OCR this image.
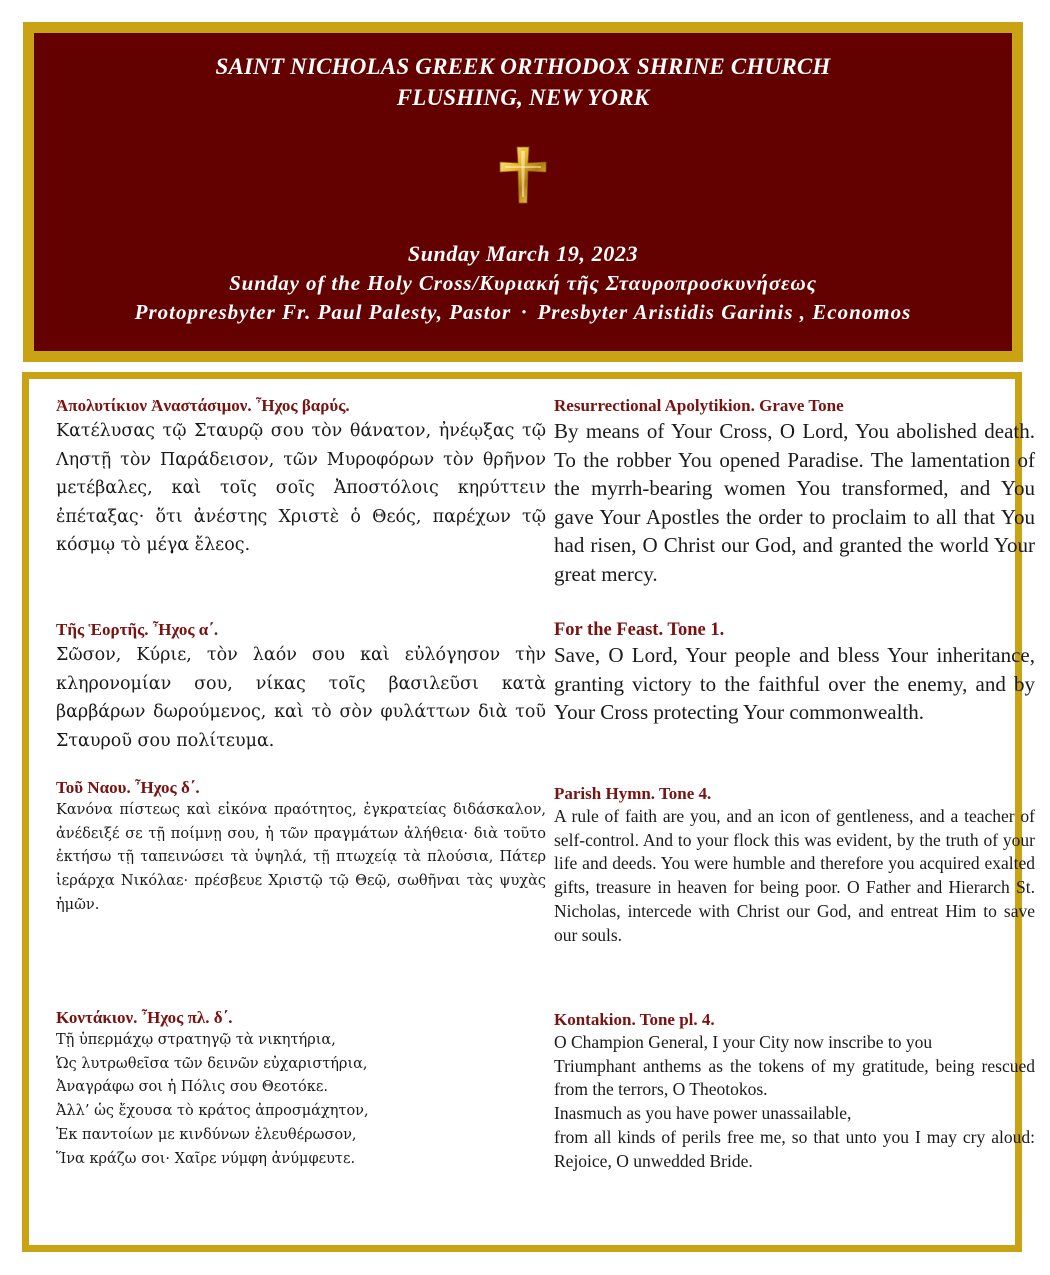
SAINT NICHOLAS GREEK ORTHODOX SHRINE CHURCH
FLUSHING, NEW YORK
Sunday March 19, 2023
Sunday of the Holy Cross/Κυριακή τῆς Σταυροπροσκυνήσεως
Protopresbyter Fr. Paul Palesty, Pastor · Presbyter Aristidis Garinis , Economos
Ἀπολυτίκιον Ἀναστάσιμον. Ἦχος βαρύς.
Κατέλυσας τῷ Σταυρῷ σου τὸν θάνατον, ἠνέῳξας τῷ Ληστῇ τὸν Παράδεισον, τῶν Μυροφόρων τὸν θρῆνον μετέβαλες, καὶ τοῖς σοῖς Ἀποστόλοις κηρύττειν ἐπέταξας· ὅτι ἀνέστης Χριστὲ ὁ Θεός, παρέχων τῷ κόσμῳ τὸ μέγα ἔλεος.
Τῆς Ἑορτῆς. Ἦχος α΄.
Σῶσον, Κύριε, τὸν λαόν σου καὶ εὐλόγησον τὴν κληρονομίαν σου, νίκας τοῖς βασιλεῦσι κατὰ βαρβάρων δωρούμενος, καὶ τὸ σὸν φυλάττων διὰ τοῦ Σταυροῦ σου πολίτευμα.
Τοῦ Ναου. Ἦχος δ΄.
Κανόνα πίστεως καὶ εἰκόνα πραότητος, ἐγκρατείας διδάσκαλον, ἀνέδειξέ σε τῇ ποίμνῃ σου, ἡ τῶν πραγμάτων ἀλήθεια· διὰ τοῦτο ἐκτήσω τῇ ταπεινώσει τὰ ὑψηλά, τῇ πτωχείᾳ τὰ πλούσια, Πάτερ ἱεράρχα Νικόλαε· πρέσβευε Χριστῷ τῷ Θεῷ, σωθῆναι τὰς ψυχὰς ἡμῶν.
Κοντάκιον. Ἦχος πλ. δ΄.
Τῇ ὑπερμάχῳ στρατηγῷ τὰ νικητήρια,
Ὡς λυτρωθεῖσα τῶν δεινῶν εὐχαριστήρια,
Ἀναγράφω σοι ἡ Πόλις σου Θεοτόκε.
Ἀλλ’ ὡς ἔχουσα τὸ κράτος ἀπροσμάχητον,
Ἐκ παντοίων με κινδύνων ἐλευθέρωσον,
Ἵνα κράζω σοι· Χαῖρε νύμφη ἀνύμφευτε.
Resurrectional Apolytikion. Grave Tone
By means of Your Cross, O Lord, You abolished death. To the robber You opened Paradise. The lamentation of the myrrh-bearing women You transformed, and You gave Your Apostles the order to proclaim to all that You had risen, O Christ our God, and granted the world Your great mercy.
For the Feast. Tone 1.
Save, O Lord, Your people and bless Your inheritance, granting victory to the faithful over the enemy, and by Your Cross protecting Your commonwealth.
Parish Hymn. Tone 4.
A rule of faith are you, and an icon of gentleness, and a teacher of self-control. And to your flock this was evident, by the truth of your life and deeds. You were humble and therefore you acquired exalted gifts, treasure in heaven for being poor. O Father and Hierarch St. Nicholas, intercede with Christ our God, and entreat Him to save our souls.
Kontakion. Tone pl. 4.
O Champion General, I your City now inscribe to you
Triumphant anthems as the tokens of my gratitude, being rescued from the terrors, O Theotokos.
Inasmuch as you have power unassailable,
from all kinds of perils free me, so that unto you I may cry aloud: Rejoice, O unwedded Bride.
